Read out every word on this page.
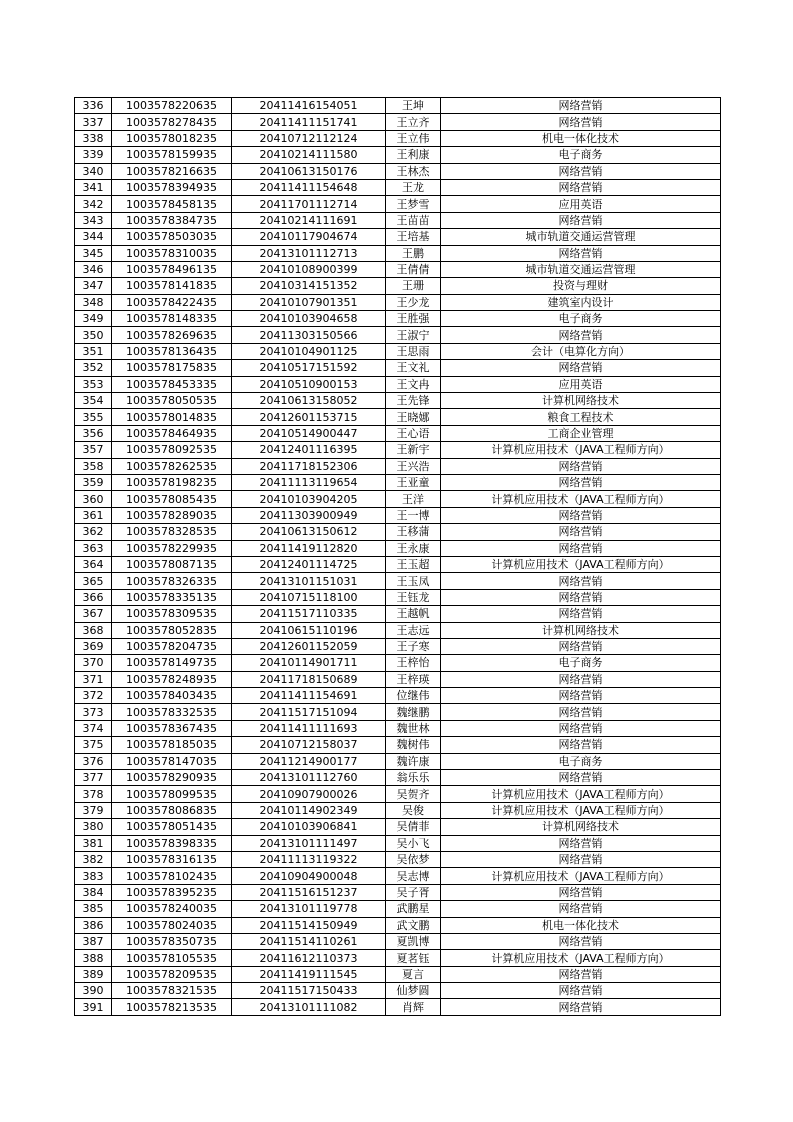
336	1003578220635	20411416154051	王坤	网络营销
337	1003578278435	20411411151741	王立齐	网络营销
338	1003578018235	20410712112124	王立伟	机电一体化技术
339	1003578159935	20410214111580	王利康	电子商务
340	1003578216635	20410613150176	王林杰	网络营销
341	1003578394935	20411411154648	王龙	网络营销
342	1003578458135	20411701112714	王梦雪	应用英语
343	1003578384735	20410214111691	王苗苗	网络营销
344	1003578503035	20410117904674	王培基	城市轨道交通运营管理
345	1003578310035	20413101112713	王鹏	网络营销
346	1003578496135	20410108900399	王倩倩	城市轨道交通运营管理
347	1003578141835	20410314151352	王珊	投资与理财
348	1003578422435	20410107901351	王少龙	建筑室内设计
349	1003578148335	20410103904658	王胜强	电子商务
350	1003578269635	20411303150566	王淑宁	网络营销
351	1003578136435	20410104901125	王思雨	会计（电算化方向）
352	1003578175835	20410517151592	王文礼	网络营销
353	1003578453335	20410510900153	王文冉	应用英语
354	1003578050535	20410613158052	王先锋	计算机网络技术
355	1003578014835	20412601153715	王晓娜	粮食工程技术
356	1003578464935	20410514900447	王心语	工商企业管理
357	1003578092535	20412401116395	王新宇	计算机应用技术（JAVA工程师方向）
358	1003578262535	20411718152306	王兴浩	网络营销
359	1003578198235	20411113119654	王亚童	网络营销
360	1003578085435	20410103904205	王洋	计算机应用技术（JAVA工程师方向）
361	1003578289035	20411303900949	王一博	网络营销
362	1003578328535	20410613150612	王移蒲	网络营销
363	1003578229935	20411419112820	王永康	网络营销
364	1003578087135	20412401114725	王玉超	计算机应用技术（JAVA工程师方向）
365	1003578326335	20413101151031	王玉凤	网络营销
366	1003578335135	20410715118100	王钰龙	网络营销
367	1003578309535	20411517110335	王越帆	网络营销
368	1003578052835	20410615110196	王志远	计算机网络技术
369	1003578204735	20412601152059	王子寒	网络营销
370	1003578149735	20410114901711	王梓怡	电子商务
371	1003578248935	20411718150689	王梓瑛	网络营销
372	1003578403435	20411411154691	位继伟	网络营销
373	1003578332535	20411517151094	魏继鹏	网络营销
374	1003578367435	20411411111693	魏世林	网络营销
375	1003578185035	20410712158037	魏树伟	网络营销
376	1003578147035	20411214900177	魏许康	电子商务
377	1003578290935	20413101112760	翁乐乐	网络营销
378	1003578099535	20410907900026	吴贺齐	计算机应用技术（JAVA工程师方向）
379	1003578086835	20410114902349	吴俊	计算机应用技术（JAVA工程师方向）
380	1003578051435	20410103906841	吴倩菲	计算机网络技术
381	1003578398335	20413101111497	吴小飞	网络营销
382	1003578316135	20411113119322	吴依梦	网络营销
383	1003578102435	20410904900048	吴志博	计算机应用技术（JAVA工程师方向）
384	1003578395235	20411516151237	吴子胥	网络营销
385	1003578240035	20413101119778	武鹏星	网络营销
386	1003578024035	20411514150949	武文鹏	机电一体化技术
387	1003578350735	20411514110261	夏凯博	网络营销
388	1003578105535	20411612110373	夏茗钰	计算机应用技术（JAVA工程师方向）
389	1003578209535	20411419111545	夏言	网络营销
390	1003578321535	20411517150433	仙梦圆	网络营销
391	1003578213535	20413101111082	肖辉	网络营销
